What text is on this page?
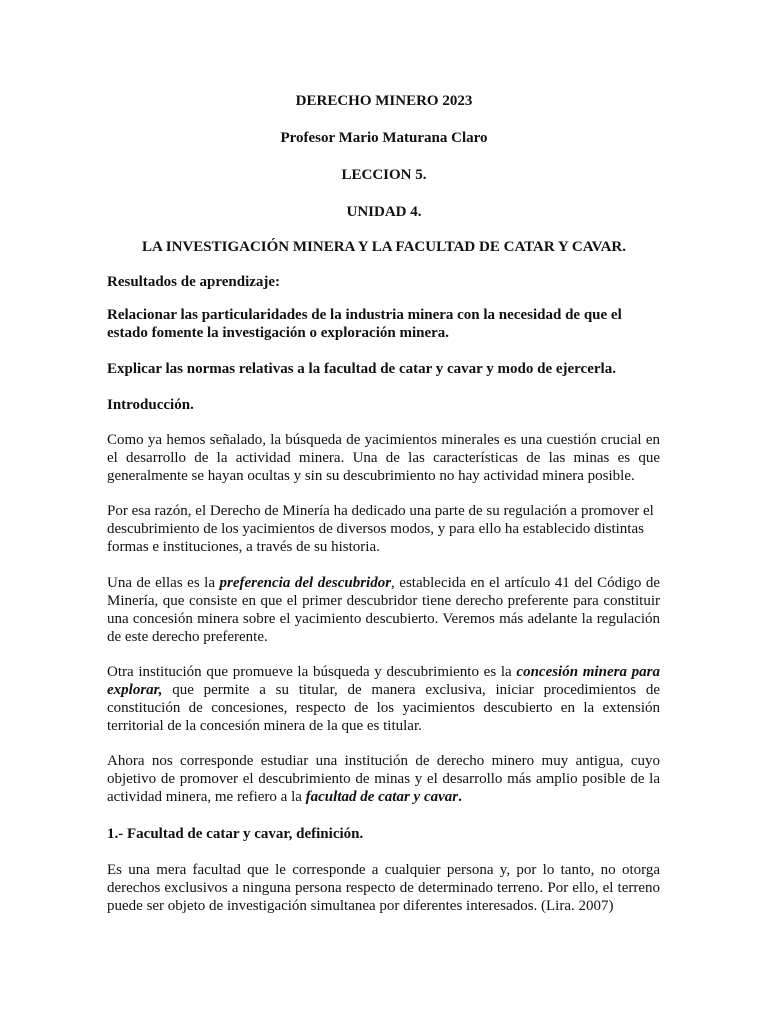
DERECHO MINERO 2023
Profesor Mario Maturana Claro
LECCION 5.
UNIDAD 4.
LA INVESTIGACIÓN MINERA Y LA FACULTAD DE CATAR Y CAVAR.
Resultados de aprendizaje:
Relacionar las particularidades de la industria minera con la necesidad de que el estado fomente la investigación o exploración minera.
Explicar las normas relativas a la facultad de catar y cavar y modo de ejercerla.
Introducción.
Como ya hemos señalado, la búsqueda de yacimientos minerales es una cuestión crucial en el desarrollo de la actividad minera. Una de las características de las minas es que generalmente se hayan ocultas y sin su descubrimiento no hay actividad minera posible.
Por esa razón, el Derecho de Minería ha dedicado una parte de su regulación a promover el descubrimiento de los yacimientos de diversos modos, y para ello ha establecido distintas formas e instituciones, a través de su historia.
Una de ellas es la preferencia del descubridor, establecida en el artículo 41 del Código de Minería, que consiste en que el primer descubridor tiene derecho preferente para constituir una concesión minera sobre el yacimiento descubierto. Veremos más adelante la regulación de este derecho preferente.
Otra institución que promueve la búsqueda y descubrimiento es la concesión minera para explorar, que permite a su titular, de manera exclusiva, iniciar procedimientos de constitución de concesiones, respecto de los yacimientos descubierto en la extensión territorial de la concesión minera de la que es titular.
Ahora nos corresponde estudiar una institución de derecho minero muy antigua, cuyo objetivo de promover el descubrimiento de minas y el desarrollo más amplio posible de la actividad minera, me refiero a la facultad de catar y cavar.
1.- Facultad de catar y cavar, definición.
Es una mera facultad que le corresponde a cualquier persona y, por lo tanto, no otorga derechos exclusivos a ninguna persona respecto de determinado terreno. Por ello, el terreno puede ser objeto de investigación simultanea por diferentes interesados. (Lira. 2007)
